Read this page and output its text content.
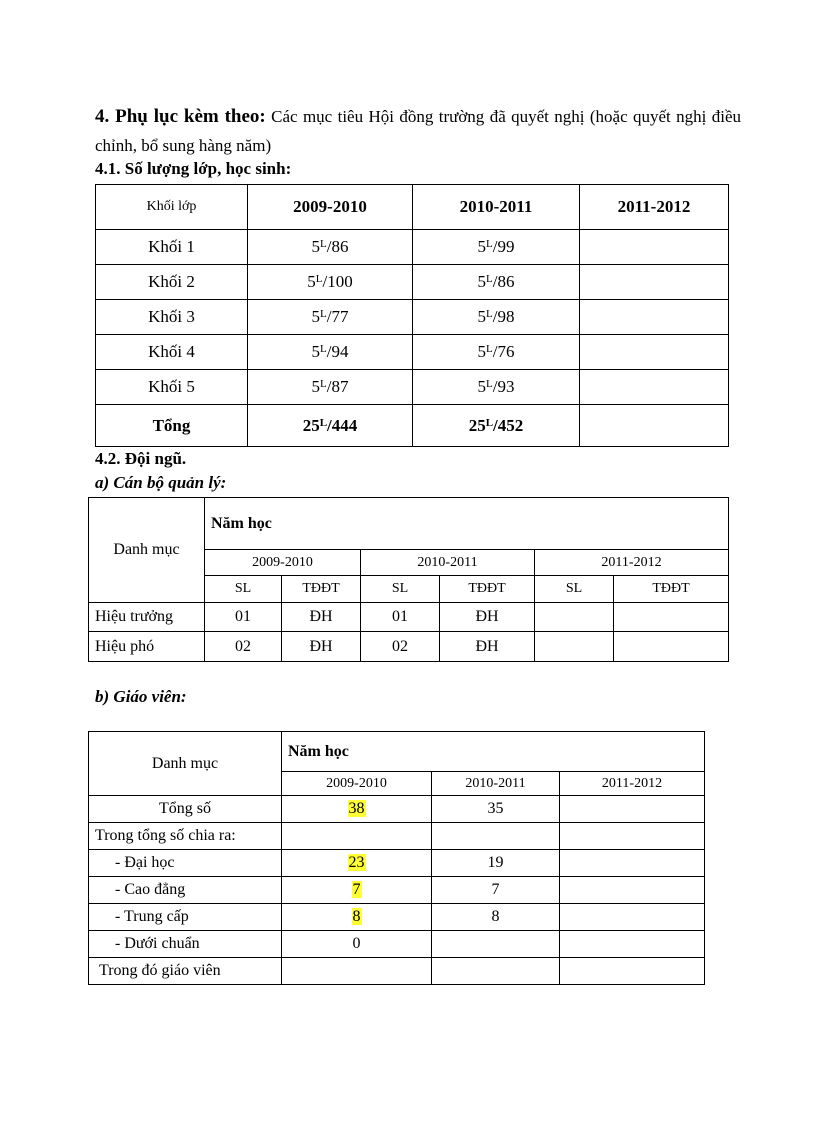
4. Phụ lục kèm theo: Các mục tiêu Hội đồng trường đã quyết nghị (hoặc quyết nghị điều chỉnh, bổ sung hàng năm)

4.1. Số lượng lớp, học sinh:

Khối lớp	2009-2010	2010-2011	2011-2012
Khối 1	$5^L/86$	$5^L/99$	
Khối 2	$5^L/100$	$5^L/86$	
Khối 3	$5^L/77$	$5^L/98$	
Khối 4	$5^L/94$	$5^L/76$	
Khối 5	$5^L/87$	$5^L/93$	
Tổng	$25^L/444$	$25^L/452$	

4.2. Đội ngũ.

a) Cán bộ quản lý:

Danh mục	Năm học					
	2009-2010		2010-2011		2011-2012	
	SL	TĐĐT	SL	TĐĐT	SL	TĐĐT
Hiệu trưởng	01	ĐH	01	ĐH		
Hiệu phó	02	ĐH	02	ĐH		

b) Giáo viên:

Danh mục	Năm học		
	2009-2010	2010-2011	2011-2012
Tổng số	38	35	
Trong tổng số chia ra:			
- Đại học	23	19	
- Cao đẳng	7	7	
- Trung cấp	8	8	
- Dưới chuẩn	0		
Trong đó giáo viên			
